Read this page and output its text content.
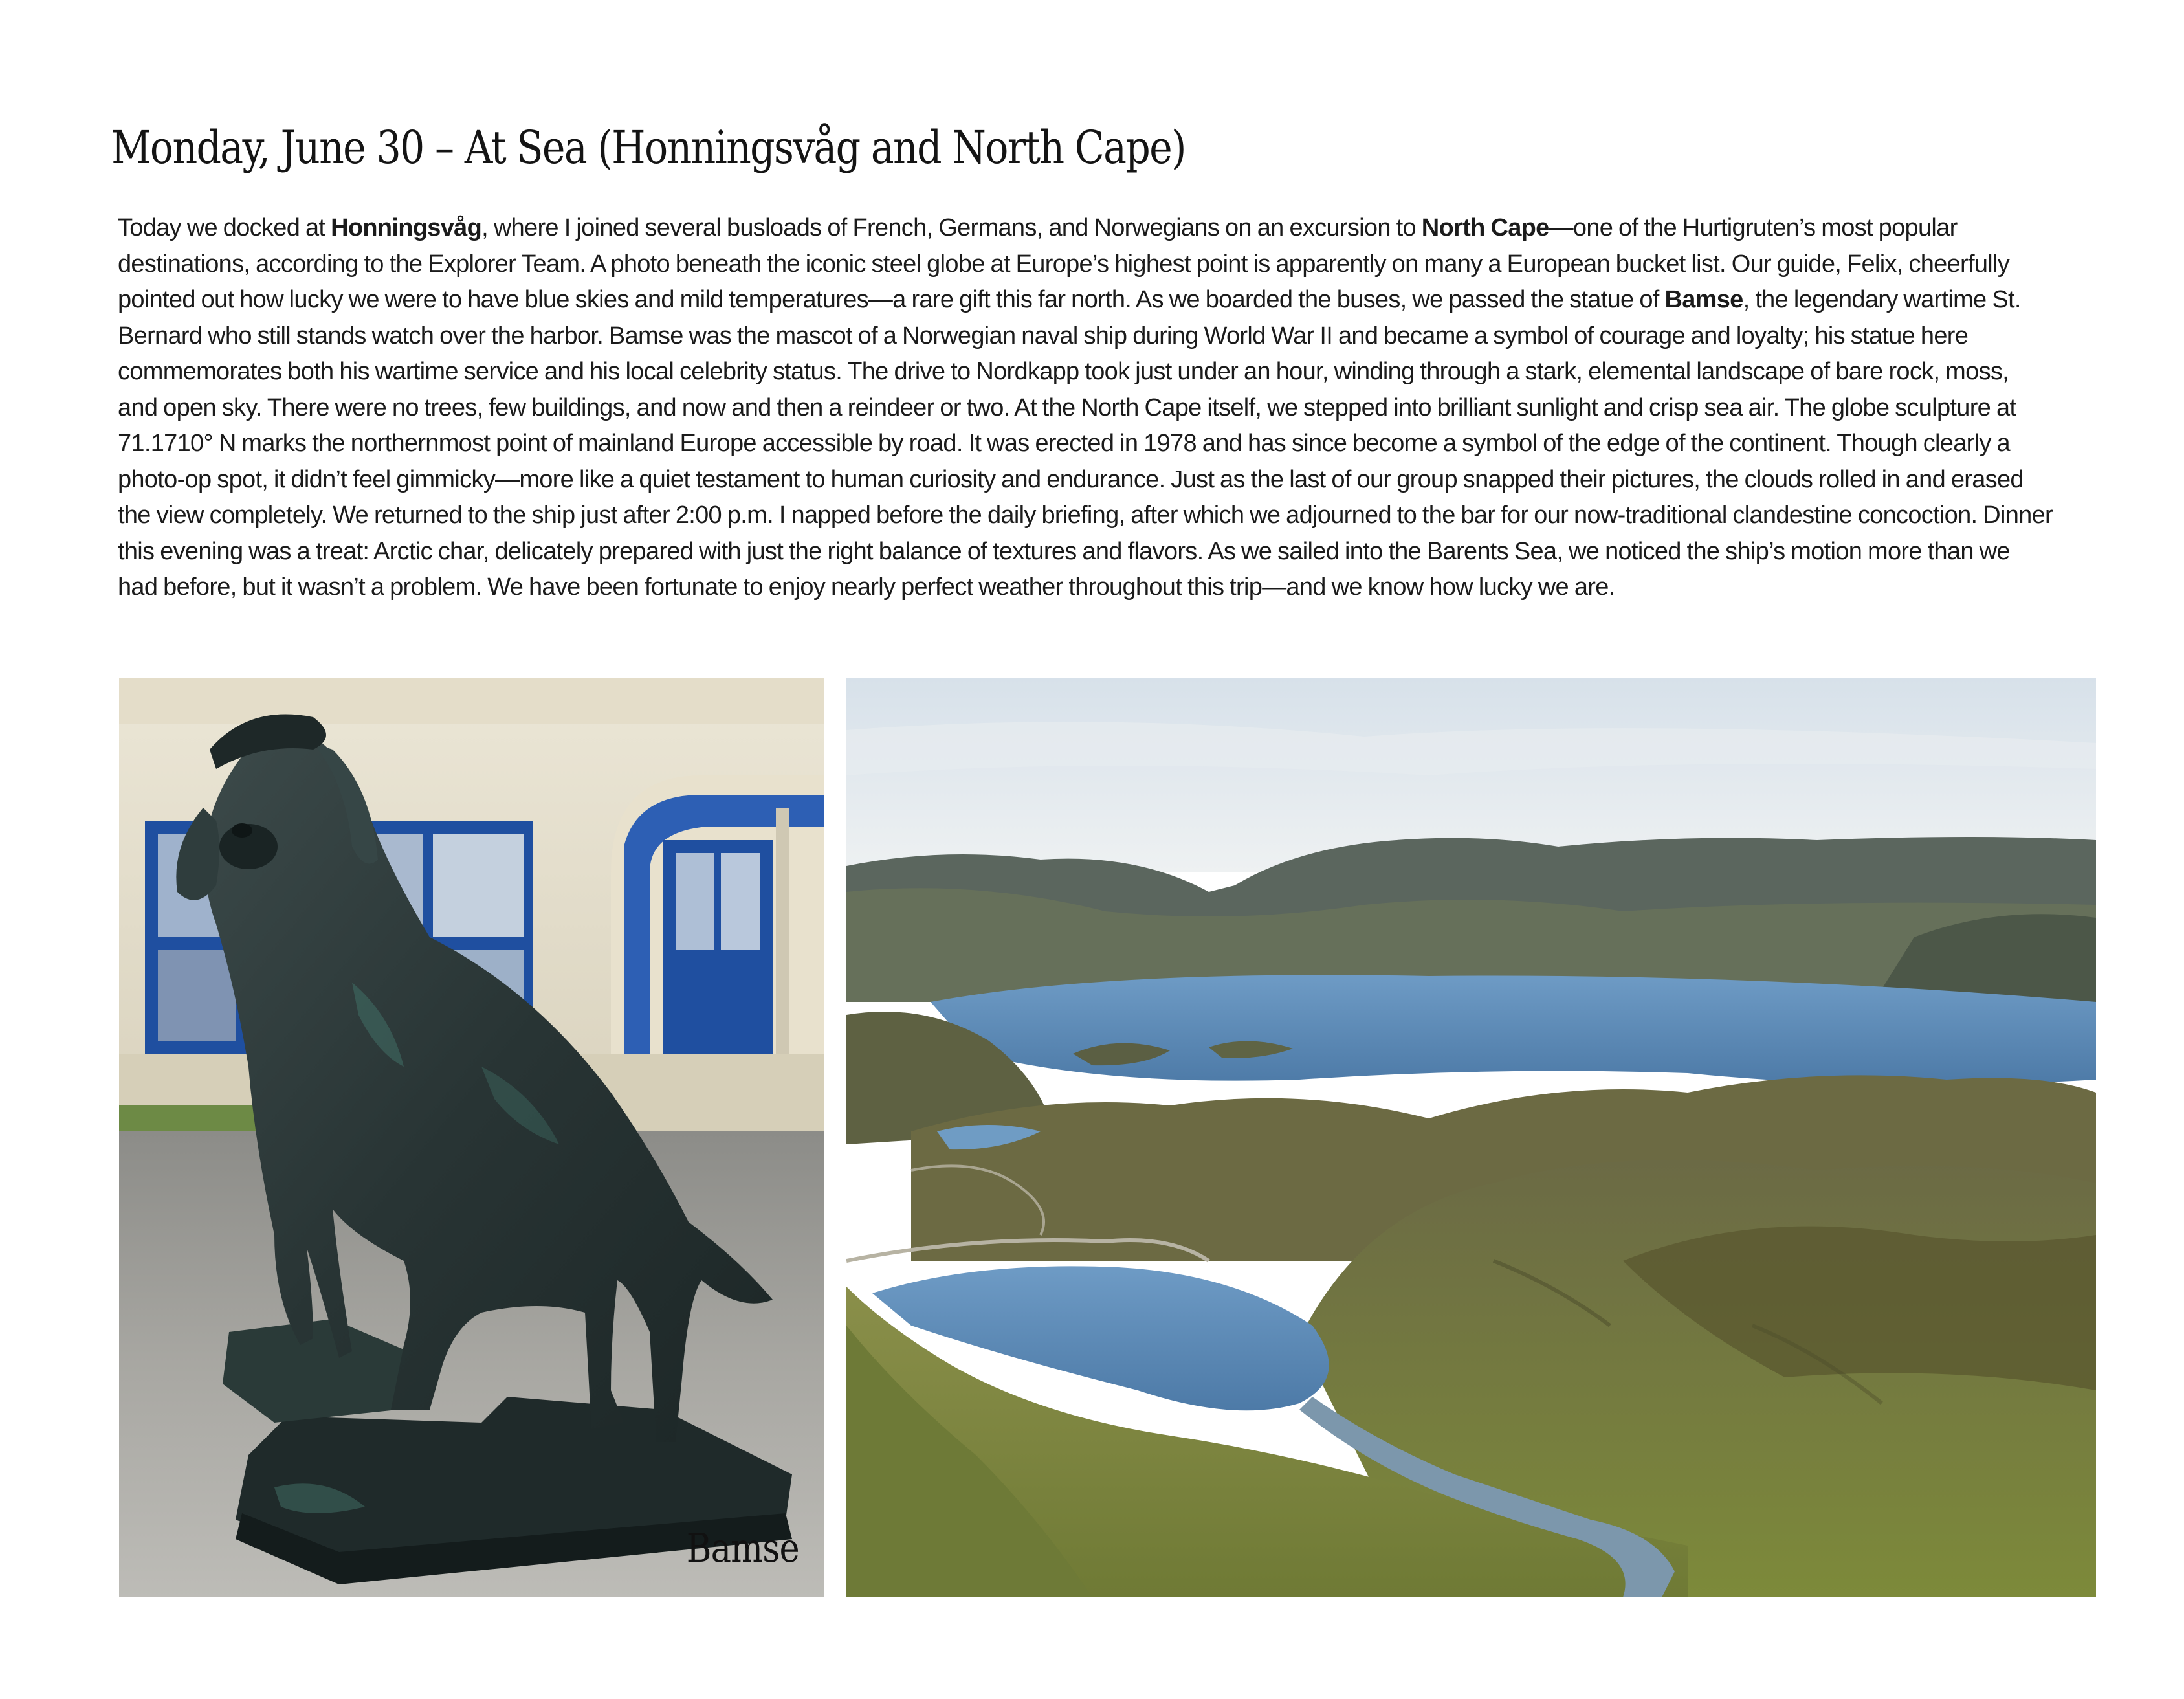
Monday, June 30 – At Sea (Honningsvåg and North Cape)

Today we docked at Honningsvåg, where I joined several busloads of French, Germans, and Norwegians on an excursion to North Cape—one of the Hurtigruten’s most popular destinations, according to the Explorer Team. A photo beneath the iconic steel globe at Europe’s highest point is apparently on many a European bucket list. Our guide, Felix, cheerfully pointed out how lucky we were to have blue skies and mild temperatures—a rare gift this far north. As we boarded the buses, we passed the statue of Bamse, the legendary wartime St. Bernard who still stands watch over the harbor. Bamse was the mascot of a Norwegian naval ship during World War II and became a symbol of courage and loyalty; his statue here commemorates both his wartime service and his local celebrity status. The drive to Nordkapp took just under an hour, winding through a stark, elemental landscape of bare rock, moss, and open sky. There were no trees, few buildings, and now and then a reindeer or two. At the North Cape itself, we stepped into brilliant sunlight and crisp sea air. The globe sculpture at 71.1710° N marks the northernmost point of mainland Europe accessible by road. It was erected in 1978 and has since become a symbol of the edge of the continent. Though clearly a photo-op spot, it didn’t feel gimmicky—more like a quiet testament to human curiosity and endurance. Just as the last of our group snapped their pictures, the clouds rolled in and erased the view completely. We returned to the ship just after 2:00 p.m. I napped before the daily briefing, after which we adjourned to the bar for our now-traditional clandestine concoction. Dinner this evening was a treat: Arctic char, delicately prepared with just the right balance of textures and flavors. As we sailed into the Barents Sea, we noticed the ship’s motion more than we had before, but it wasn’t a problem. We have been fortunate to enjoy nearly perfect weather throughout this trip—and we know how lucky we are.

Bamse
